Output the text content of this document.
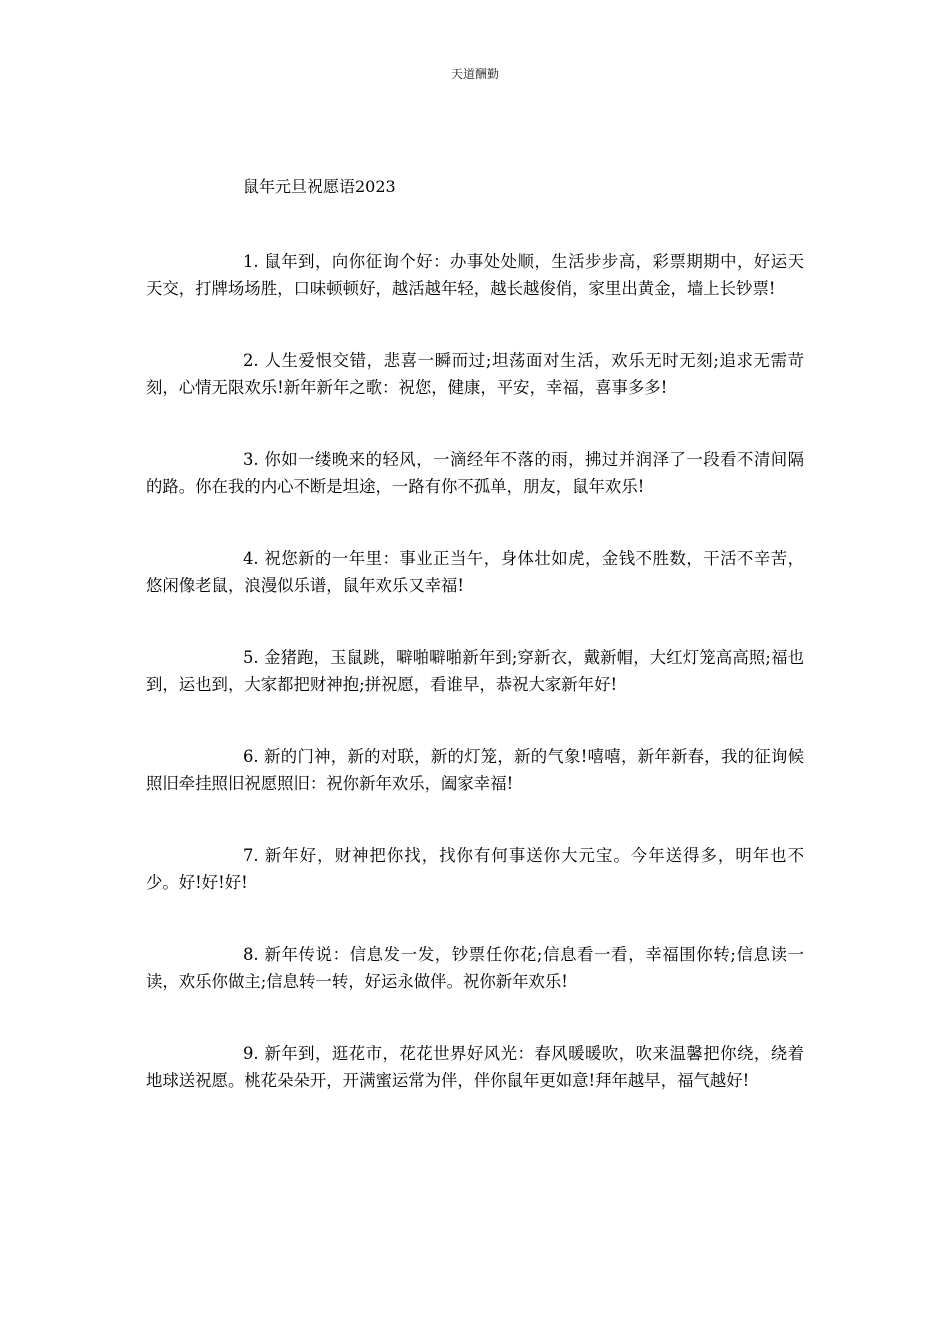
天道酬勤
鼠年元旦祝愿语2023

1. 鼠年到，向你征询个好：办事处处顺，生活步步高，彩票期期中，好运天天交，打牌场场胜，口味顿顿好，越活越年轻，越长越俊俏，家里出黄金，墙上长钞票!

2. 人生爱恨交错，悲喜一瞬而过;坦荡面对生活，欢乐无时无刻;追求无需苛刻，心情无限欢乐!新年新年之歌：祝您，健康，平安，幸福，喜事多多!

3. 你如一缕晚来的轻风，一滴经年不落的雨，拂过并润泽了一段看不清间隔的路。你在我的内心不断是坦途，一路有你不孤单，朋友，鼠年欢乐!

4. 祝您新的一年里：事业正当午，身体壮如虎，金钱不胜数，干活不辛苦，悠闲像老鼠，浪漫似乐谱，鼠年欢乐又幸福!

5. 金猪跑，玉鼠跳，噼啪噼啪新年到;穿新衣，戴新帽，大红灯笼高高照;福也到，运也到，大家都把财神抱;拼祝愿，看谁早，恭祝大家新年好!

6. 新的门神，新的对联，新的灯笼，新的气象!嘻嘻，新年新春，我的征询候照旧牵挂照旧祝愿照旧：祝你新年欢乐，阖家幸福!

7. 新年好，财神把你找，找你有何事送你大元宝。今年送得多，明年也不少。好!好!好!

8. 新年传说：信息发一发，钞票任你花;信息看一看，幸福围你转;信息读一读，欢乐你做主;信息转一转，好运永做伴。祝你新年欢乐!

9. 新年到，逛花市，花花世界好风光：春风暖暖吹，吹来温馨把你绕，绕着地球送祝愿。桃花朵朵开，开满蜜运常为伴，伴你鼠年更如意!拜年越早，福气越好!
